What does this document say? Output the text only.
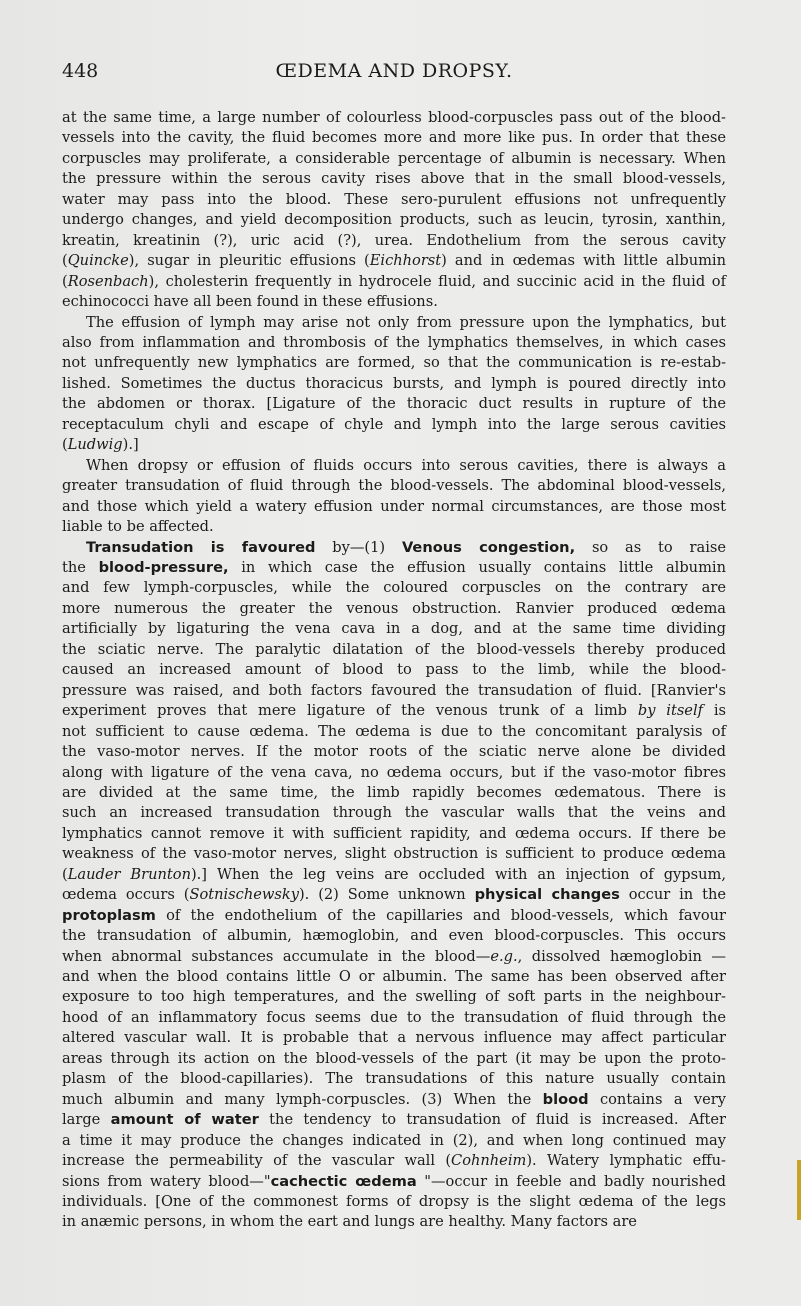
448	ŒDEMA AND DROPSY.

at the same time, a large number of colourless blood-corpuscles pass out of the blood-
vessels into the cavity, the fluid becomes more and more like pus. In order that these
corpuscles may proliferate, a considerable percentage of albumin is necessary. When
the pressure within the serous cavity rises above that in the small blood-vessels,
water may pass into the blood. These sero-purulent effusions not unfrequently
undergo changes, and yield decomposition products, such as leucin, tyrosin, xanthin,
kreatin, kreatinin (?), uric acid (?), urea. Endothelium from the serous cavity
(Quincke), sugar in pleuritic effusions (Eichhorst) and in œdemas with little albumin
(Rosenbach), cholesterin frequently in hydrocele fluid, and succinic acid in the fluid of
echinococci have all been found in these effusions.

The effusion of lymph may arise not only from pressure upon the lymphatics, but
also from inflammation and thrombosis of the lymphatics themselves, in which cases
not unfrequently new lymphatics are formed, so that the communication is re-estab-
lished. Sometimes the ductus thoracicus bursts, and lymph is poured directly into
the abdomen or thorax. [Ligature of the thoracic duct results in rupture of the
receptaculum chyli and escape of chyle and lymph into the large serous cavities
(Ludwig).]

When dropsy or effusion of fluids occurs into serous cavities, there is always a
greater transudation of fluid through the blood-vessels. The abdominal blood-vessels,
and those which yield a watery effusion under normal circumstances, are those most
liable to be affected.

Transudation is favoured by—(1) Venous congestion, so as to raise
the blood-pressure, in which case the effusion usually contains little albumin
and few lymph-corpuscles, while the coloured corpuscles on the contrary are
more numerous the greater the venous obstruction. Ranvier produced œdema
artificially by ligaturing the vena cava in a dog, and at the same time dividing
the sciatic nerve. The paralytic dilatation of the blood-vessels thereby produced
caused an increased amount of blood to pass to the limb, while the blood-
pressure was raised, and both factors favoured the transudation of fluid. [Ranvier's
experiment proves that mere ligature of the venous trunk of a limb by itself is
not sufficient to cause œdema. The œdema is due to the concomitant paralysis of
the vaso-motor nerves. If the motor roots of the sciatic nerve alone be divided
along with ligature of the vena cava, no œdema occurs, but if the vaso-motor fibres
are divided at the same time, the limb rapidly becomes œdematous. There is
such an increased transudation through the vascular walls that the veins and
lymphatics cannot remove it with sufficient rapidity, and œdema occurs. If there be
weakness of the vaso-motor nerves, slight obstruction is sufficient to produce œdema
(Lauder Brunton).] When the leg veins are occluded with an injection of gypsum,
œdema occurs (Sotnischewsky). (2) Some unknown physical changes occur in the
protoplasm of the endothelium of the capillaries and blood-vessels, which favour
the transudation of albumin, hæmoglobin, and even blood-corpuscles. This occurs
when abnormal substances accumulate in the blood—e.g., dissolved hæmoglobin —
and when the blood contains little O or albumin. The same has been observed after
exposure to too high temperatures, and the swelling of soft parts in the neighbour-
hood of an inflammatory focus seems due to the transudation of fluid through the
altered vascular wall. It is probable that a nervous influence may affect particular
areas through its action on the blood-vessels of the part (it may be upon the proto-
plasm of the blood-capillaries). The transudations of this nature usually contain
much albumin and many lymph-corpuscles. (3) When the blood contains a very
large amount of water the tendency to transudation of fluid is increased. After
a time it may produce the changes indicated in (2), and when long continued may
increase the permeability of the vascular wall (Cohnheim). Watery lymphatic effu-
sions from watery blood—"cachectic œdema "—occur in feeble and badly nourished
individuals. [One of the commonest forms of dropsy is the slight œdema of the legs
in anæmic persons, in whom the eart and lungs are healthy. Many factors are
